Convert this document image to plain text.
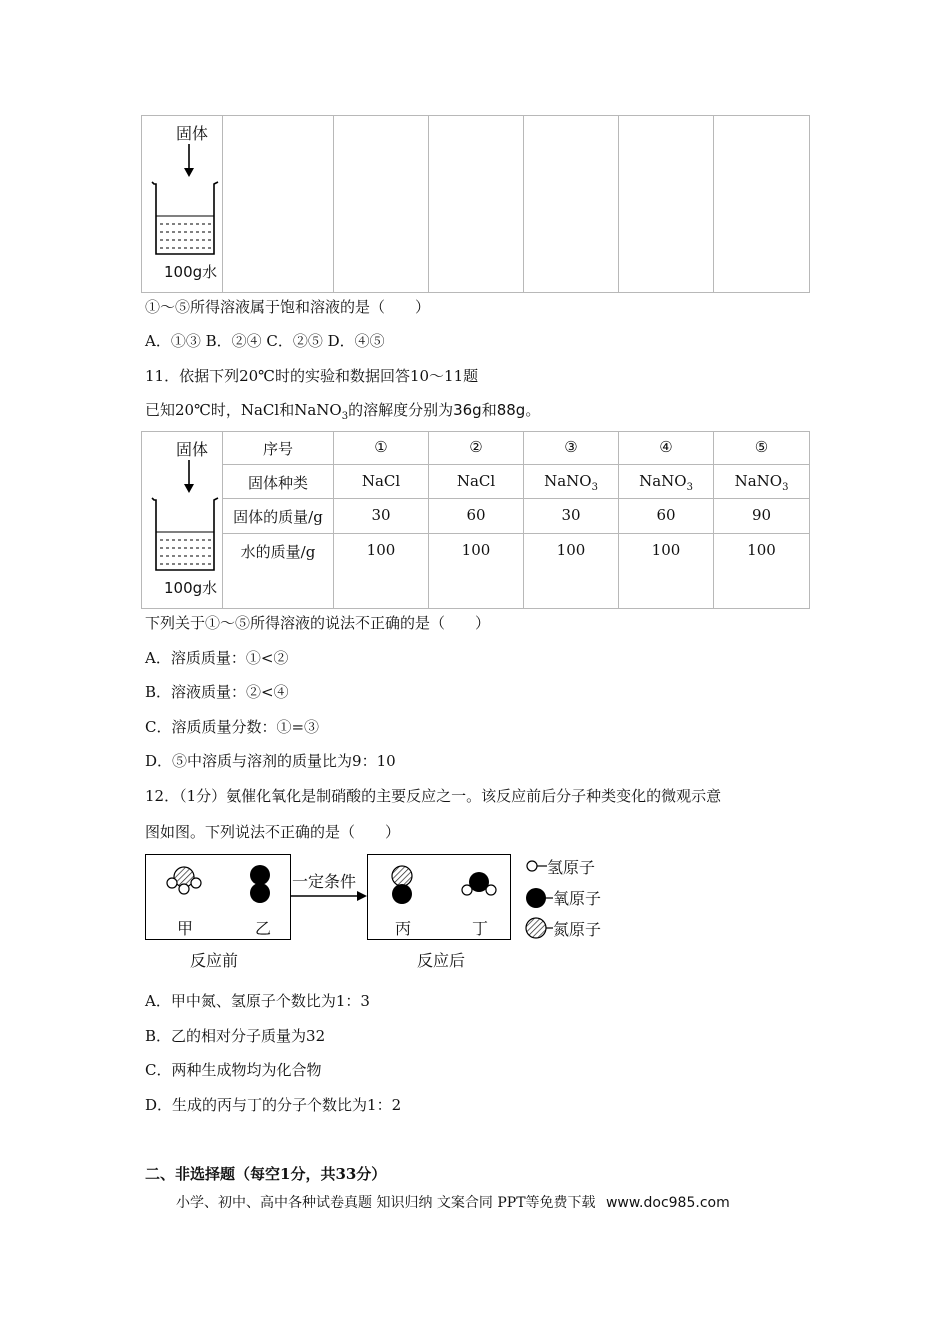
固体
100g水

①～⑤所得溶液属于饱和溶液的是（　　）
A．①③ B．②④ C．②⑤ D．④⑤
11．依据下列20℃时的实验和数据回答10～11题
已知20℃时，NaCl和NaNO$_3$的溶解度分别为36g和88g。
固体
100g水	序号	①	②	③	④	⑤
	固体种类	NaCl	NaCl	NaNO$_3$	NaNO$_3$	NaNO$_3$
	固体的质量/g	30	60	30	60	90
	水的质量/g	100	100	100	100	100
下列关于①～⑤所得溶液的说法不正确的是（　　）
A．溶质质量：①<②
B．溶液质量：②<④
C．溶质质量分数：①=③
D．⑤中溶质与溶剂的质量比为9：10
12．（1分）氨催化氧化是制硝酸的主要反应之一。该反应前后分子种类变化的微观示意
图如图。下列说法不正确的是（　　）
甲	乙
一定条件
丙	丁
反应前	反应后
氢原子
氧原子
氮原子
A．甲中氮、氢原子个数比为1：3
B．乙的相对分子质量为32
C．两种生成物均为化合物
D．生成的丙与丁的分子个数比为1：2
二、非选择题（每空1分，共33分）
小学、初中、高中各种试卷真题 知识归纳 文案合同 PPT等免费下载 www.doc985.com
